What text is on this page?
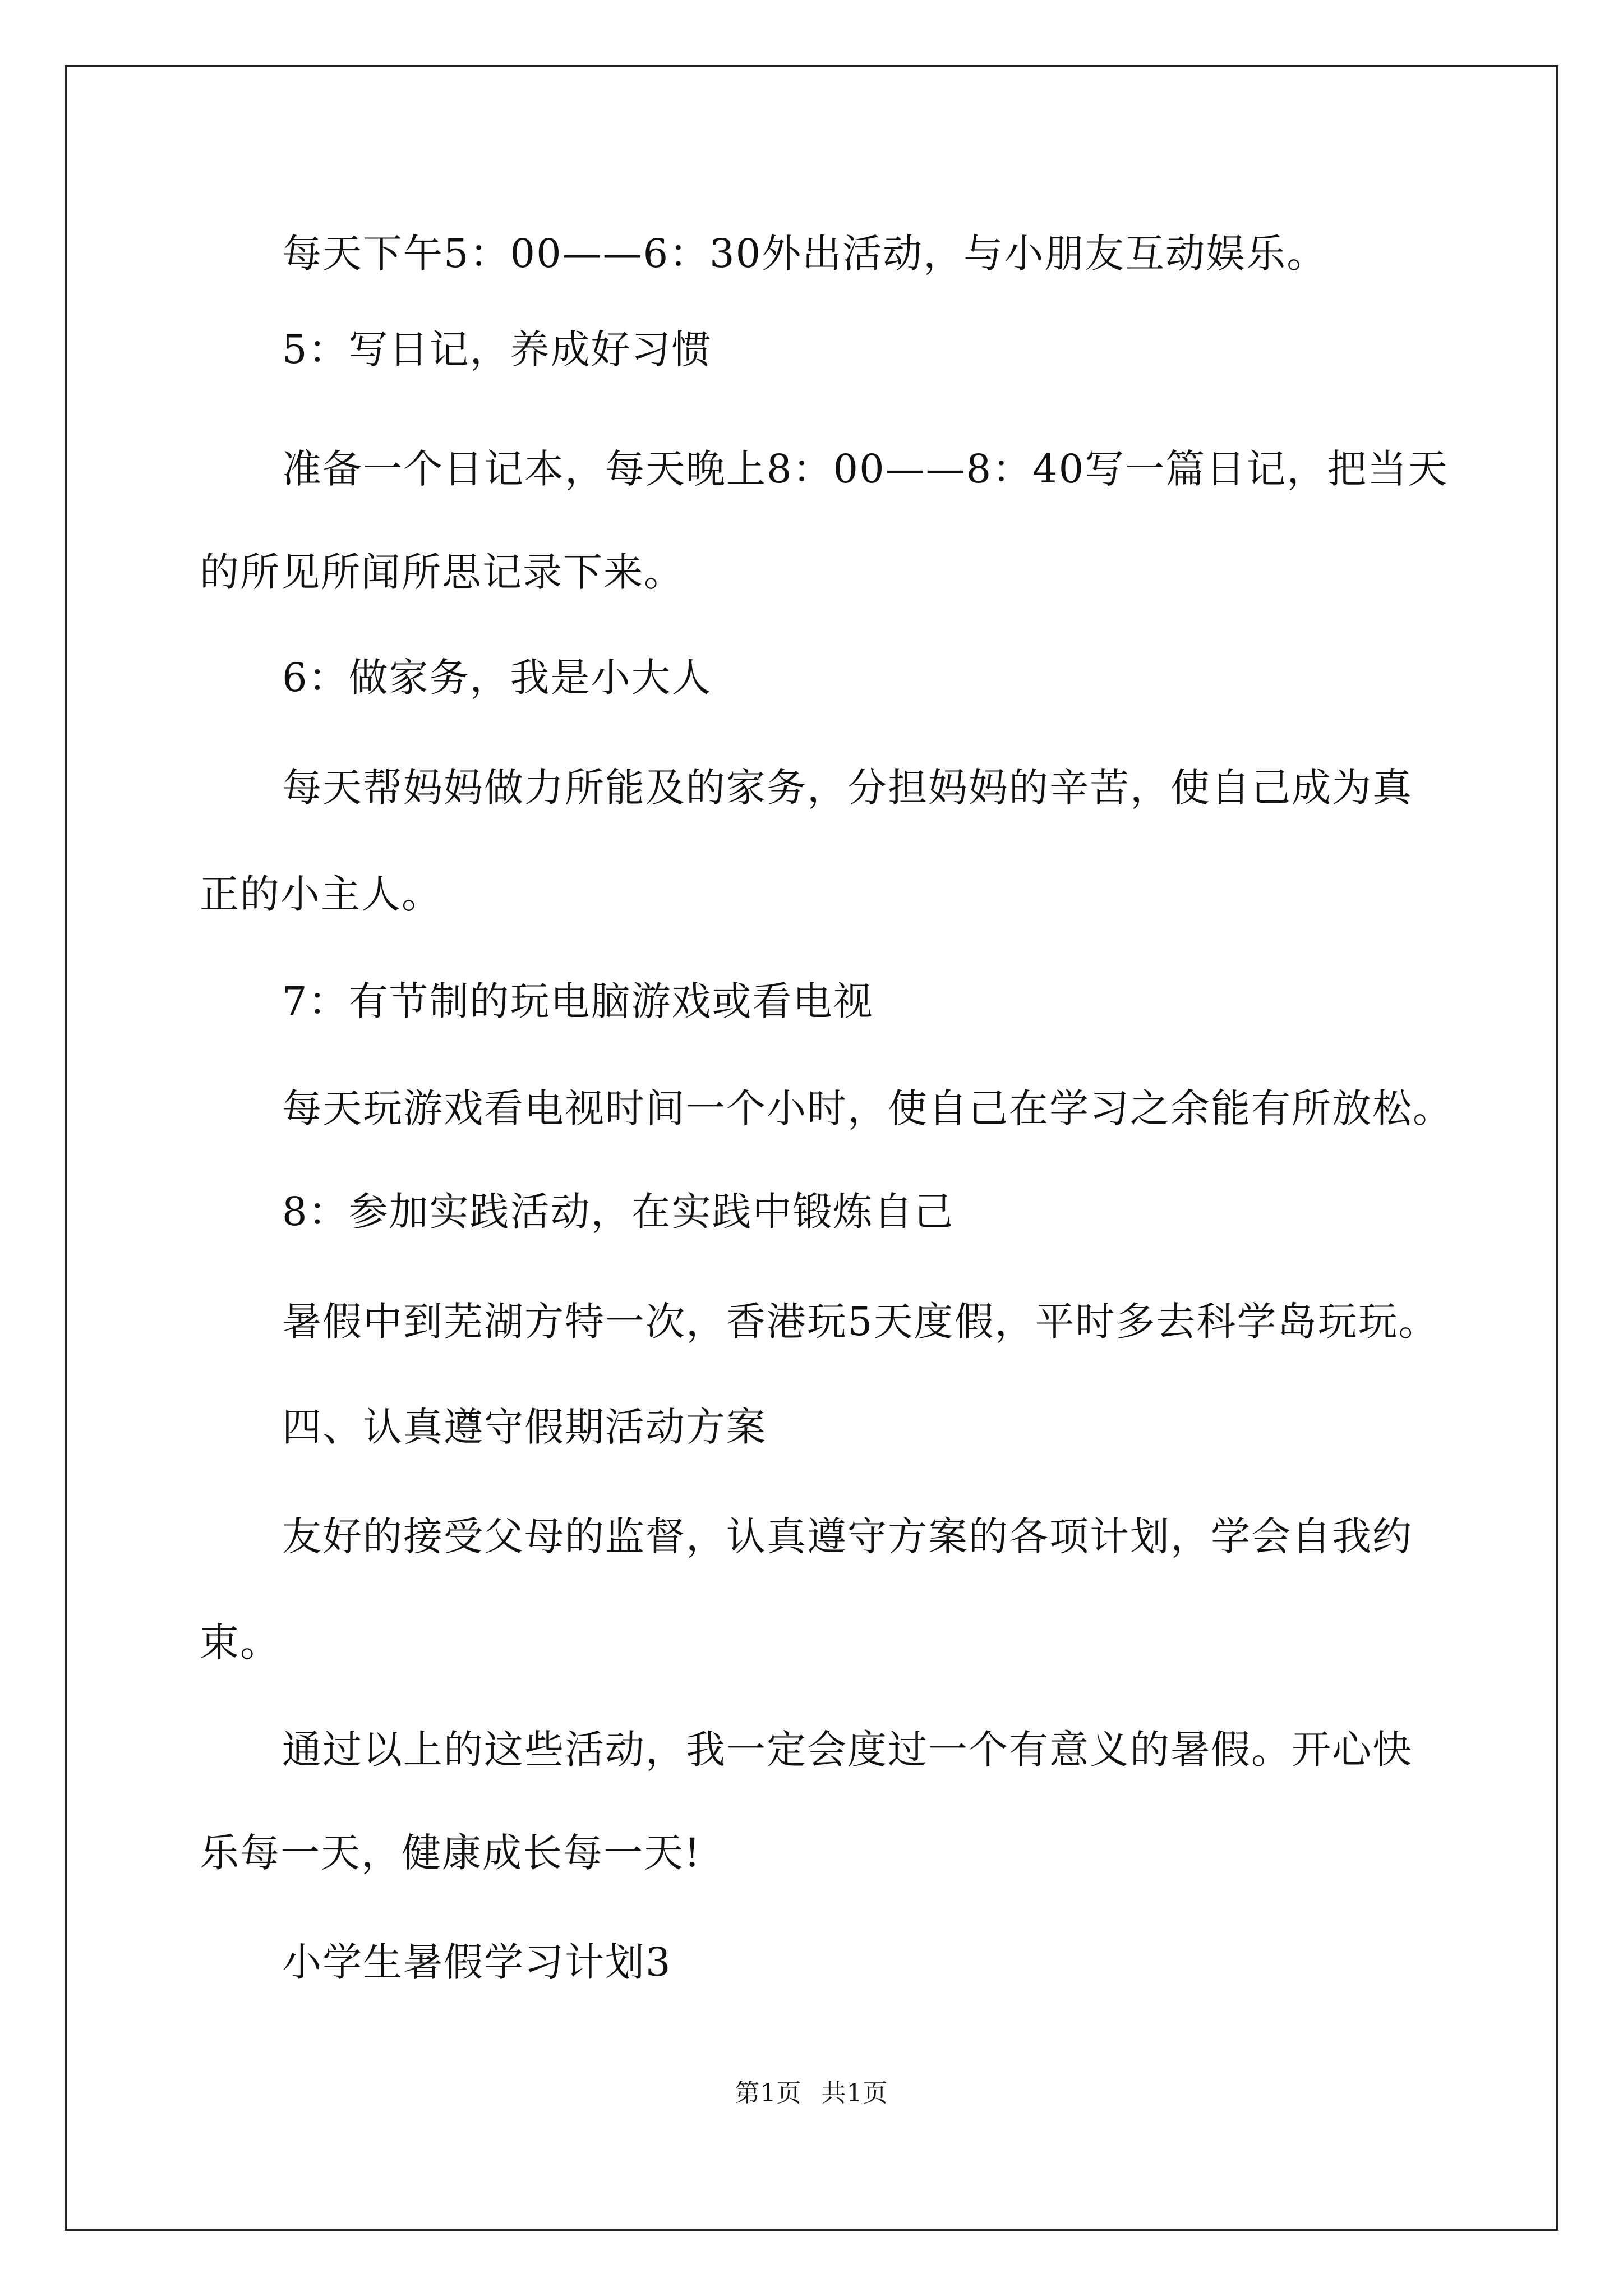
每天下午5：00——6：30外出活动，与小朋友互动娱乐。
5：写日记，养成好习惯
准备一个日记本，每天晚上8：00——8：40写一篇日记，把当天
的所见所闻所思记录下来。
6：做家务，我是小大人
每天帮妈妈做力所能及的家务，分担妈妈的辛苦，使自己成为真
正的小主人。
7：有节制的玩电脑游戏或看电视
每天玩游戏看电视时间一个小时，使自己在学习之余能有所放松。
8：参加实践活动，在实践中锻炼自己
暑假中到芜湖方特一次，香港玩5天度假，平时多去科学岛玩玩。
四、认真遵守假期活动方案
友好的接受父母的监督，认真遵守方案的各项计划，学会自我约
束。
通过以上的这些活动，我一定会度过一个有意义的暑假。开心快
乐每一天，健康成长每一天!
小学生暑假学习计划3
第1页 共1页
